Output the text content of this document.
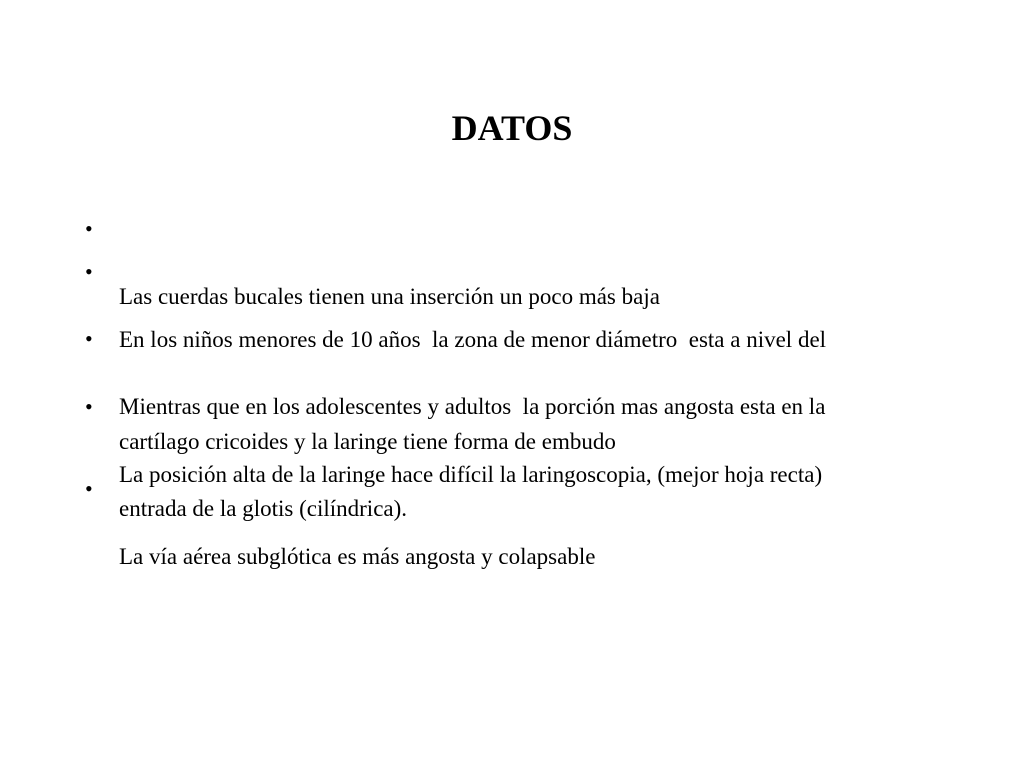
DATOS
•

Las cuerdas bucales tienen una inserción un poco más baja

•

En los niños menores de 10 años  la zona de menor diámetro  esta a nivel del

cartílago cricoides y la laringe tiene forma de embudo

•

Mientras que en los adolescentes y adultos  la porción mas angosta esta en la

entrada de la glotis (cilíndrica).

•

La posición alta de la laringe hace difícil la laringoscopia, (mejor hoja recta)

•

La vía aérea subglótica es más angosta y colapsable
